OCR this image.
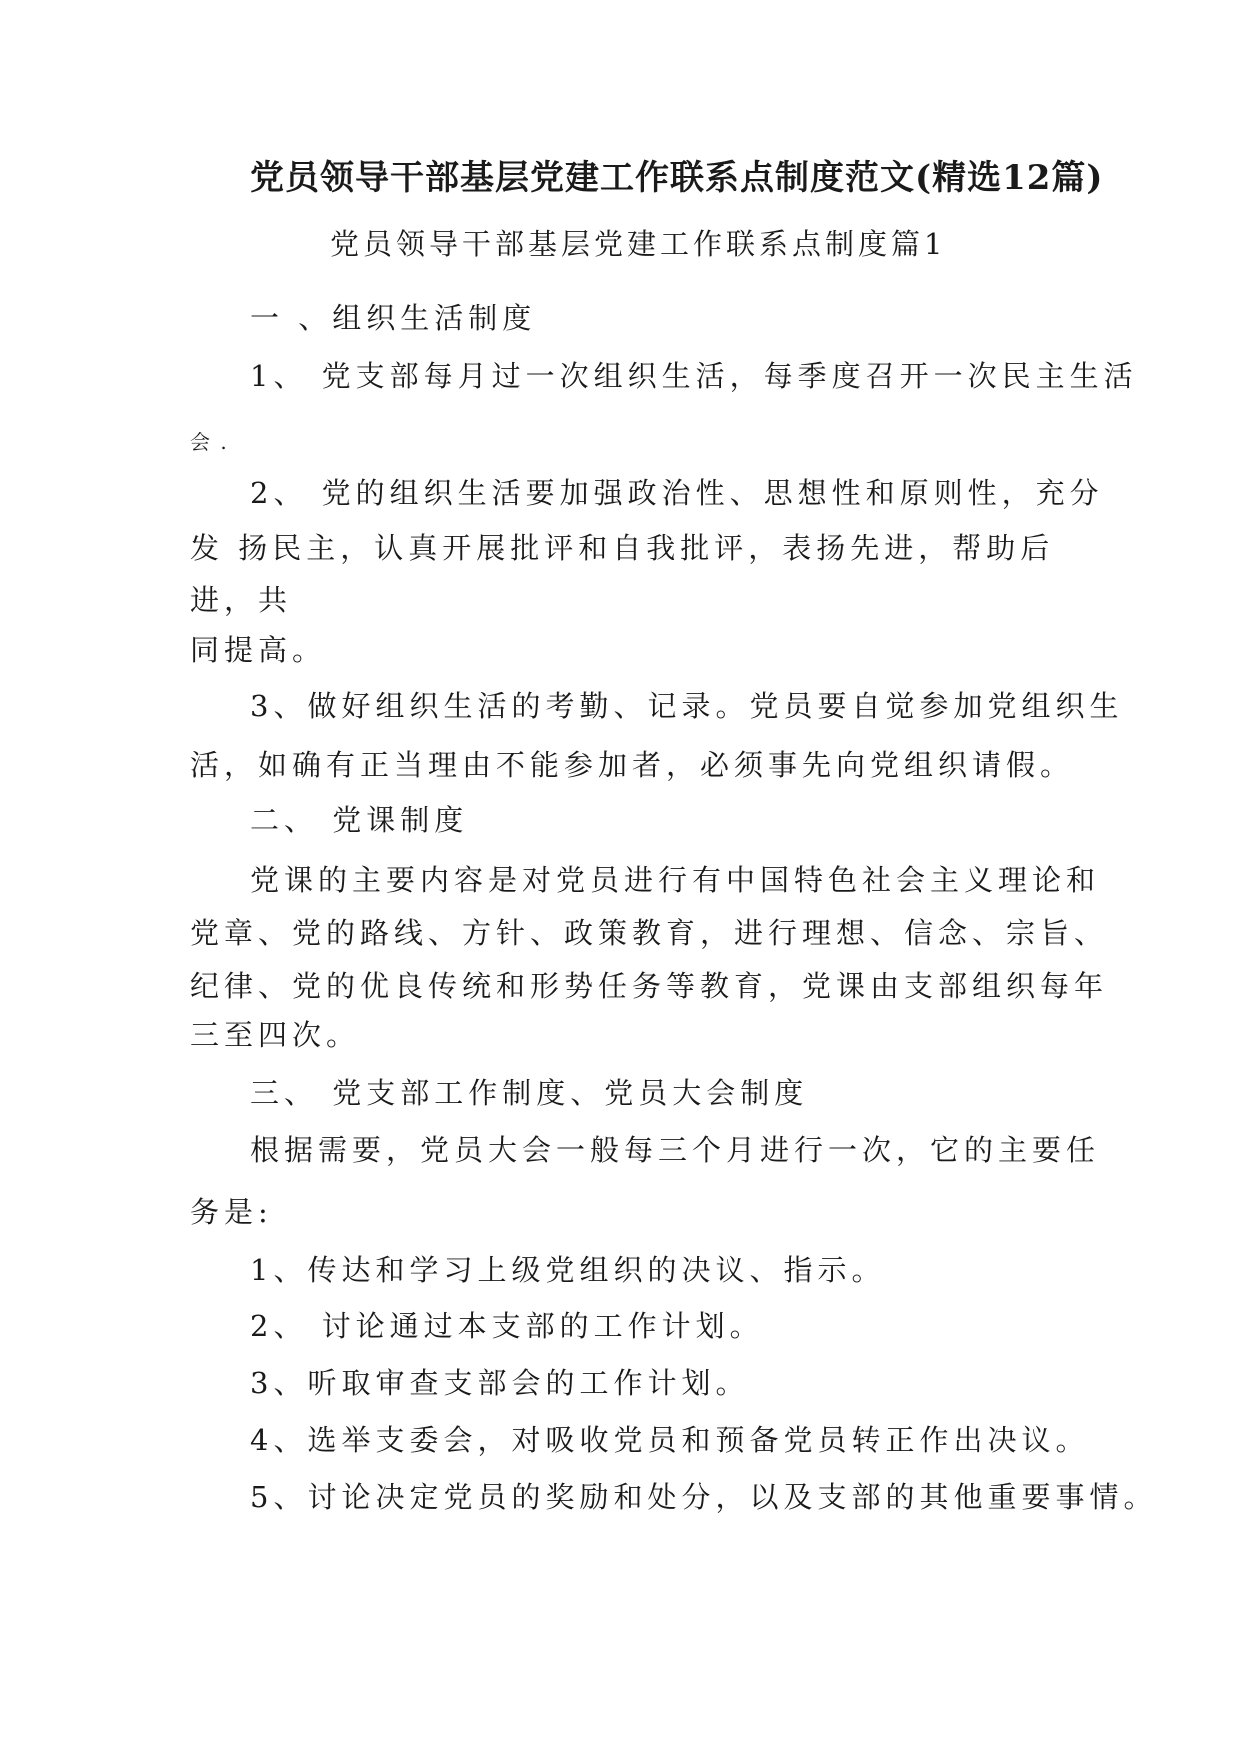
党员领导干部基层党建工作联系点制度范文(精选12篇)
党员领导干部基层党建工作联系点制度篇1
一 、组织生活制度
1、 党支部每月过一次组织生活，每季度召开一次民主生活
会 .
2、 党的组织生活要加强政治性、思想性和原则性，充分
发 扬民主，认真开展批评和自我批评，表扬先进，帮助后
进，共
同提高。
3、做好组织生活的考勤、记录。党员要自觉参加党组织生
活，如确有正当理由不能参加者，必须事先向党组织请假。
二、 党课制度
党课的主要内容是对党员进行有中国特色社会主义理论和
党章、党的路线、方针、政策教育，进行理想、信念、宗旨、
纪律、党的优良传统和形势任务等教育，党课由支部组织每年
三至四次。
三、 党支部工作制度、党员大会制度
根据需要，党员大会一般每三个月进行一次，它的主要任
务是:
1、传达和学习上级党组织的决议、指示。
2、 讨论通过本支部的工作计划。
3、听取审查支部会的工作计划。
4、选举支委会，对吸收党员和预备党员转正作出决议。
5、讨论决定党员的奖励和处分，以及支部的其他重要事情。
